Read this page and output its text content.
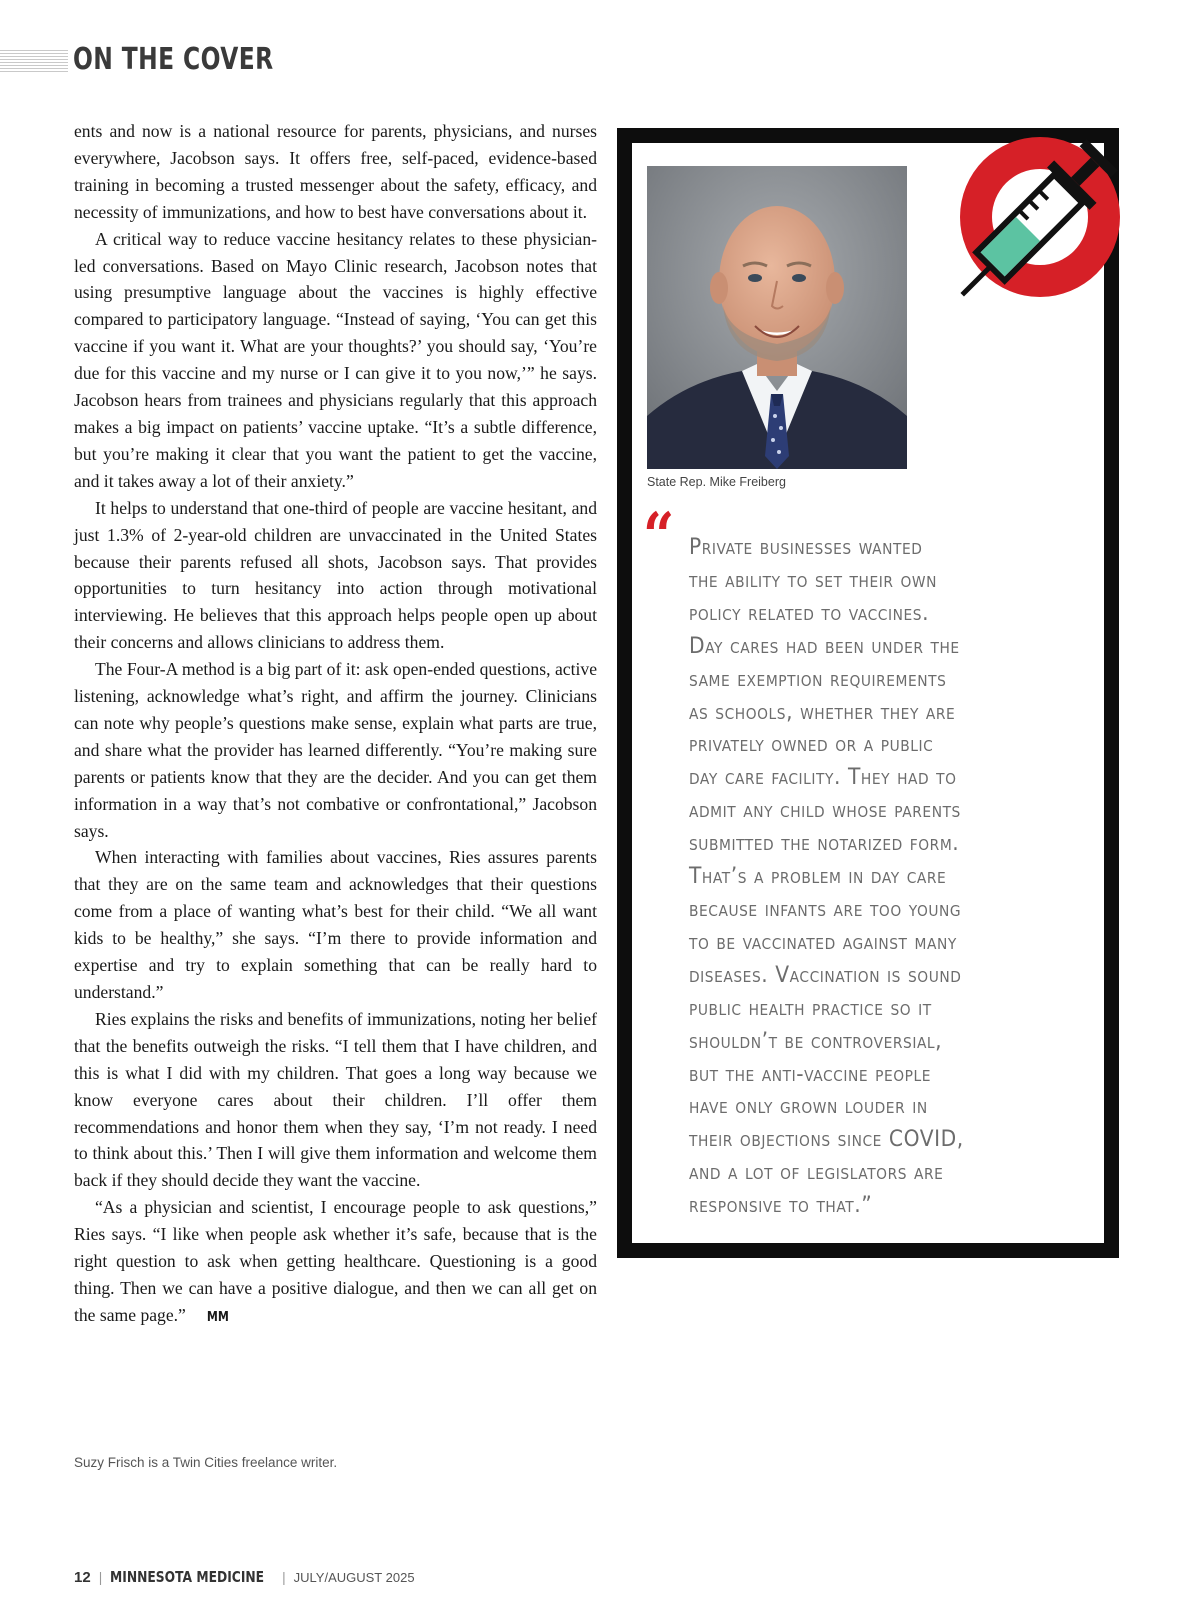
ON THE COVER

ents and now is a national resource for parents, physicians, and nurses everywhere, Jacobson says. It offers free, self-paced, evidence-based training in becoming a trusted messenger about the safety, efficacy, and necessity of immunizations, and how to best have conversations about it.

A critical way to reduce vaccine hesitancy relates to these physician-led conversations. Based on Mayo Clinic research, Jacobson notes that using presumptive language about the vaccines is highly effective compared to participatory language. “Instead of saying, ‘You can get this vaccine if you want it. What are your thoughts?’ you should say, ‘You’re due for this vaccine and my nurse or I can give it to you now,’” he says. Jacobson hears from trainees and physicians regularly that this approach makes a big impact on patients’ vaccine uptake. “It’s a subtle difference, but you’re making it clear that you want the patient to get the vaccine, and it takes away a lot of their anxiety.”

It helps to understand that one-third of people are vaccine hesitant, and just 1.3% of 2-year-old children are unvaccinated in the United States because their parents refused all shots, Jacobson says. That provides opportunities to turn hesitancy into action through motivational interviewing. He believes that this approach helps people open up about their concerns and allows clinicians to address them.

The Four-A method is a big part of it: ask open-ended questions, active listening, acknowledge what’s right, and affirm the journey. Clinicians can note why people’s questions make sense, explain what parts are true, and share what the provider has learned differently. “You’re making sure parents or patients know that they are the decider. And you can get them information in a way that’s not combative or confrontational,” Jacobson says.

When interacting with families about vaccines, Ries assures parents that they are on the same team and acknowledges that their questions come from a place of wanting what’s best for their child. “We all want kids to be healthy,” she says. “I’m there to provide information and expertise and try to explain something that can be really hard to understand.”

Ries explains the risks and benefits of immunizations, noting her belief that the benefits outweigh the risks. “I tell them that I have children, and this is what I did with my children. That goes a long way because we know everyone cares about their children. I’ll offer them recommendations and honor them when they say, ‘I’m not ready. I need to think about this.’ Then I will give them information and welcome them back if they should decide they want the vaccine.

“As a physician and scientist, I encourage people to ask questions,” Ries says. “I like when people ask whether it’s safe, because that is the right question to ask when getting healthcare. Questioning is a good thing. Then we can have a positive dialogue, and then we can all get on the same page.” MM

Suzy Frisch is a Twin Cities freelance writer.
State Rep. Mike Freiberg
“ Private businesses wanted
the ability to set their own
policy related to vaccines.
Day cares had been under the
same exemption requirements
as schools, whether they are
privately owned or a public
day care facility. They had to
admit any child whose parents
submitted the notarized form.
That’s a problem in day care
because infants are too young
to be vaccinated against many
diseases. Vaccination is sound
public health practice so it
shouldn’t be controversial,
but the anti-vaccine people
have only grown louder in
their objections since COVID,
and a lot of legislators are
responsive to that.”
12 | MINNESOTA MEDICINE | JULY/AUGUST 2025
